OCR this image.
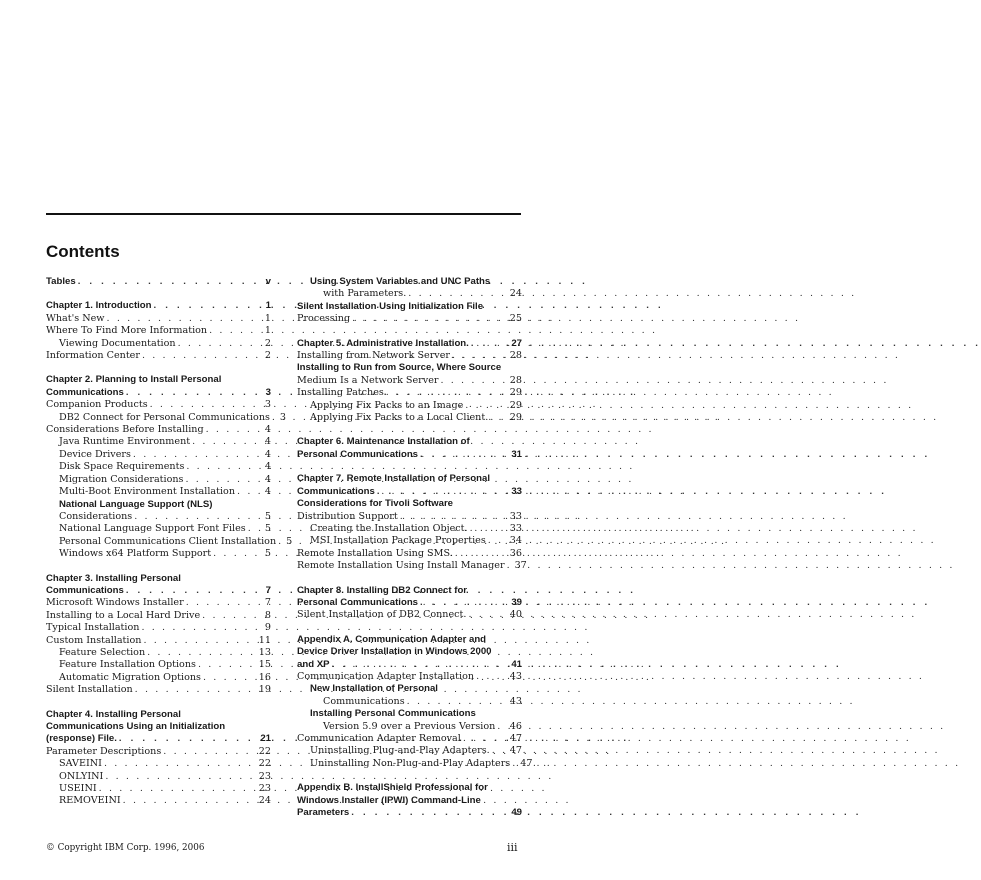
Contents
Tables . . .	v
Chapter 1. Introduction . . .	1
What's New . . .	1
Where To Find More Information . . .	1
Viewing Documentation . . .	2
Information Center . . .	2
Chapter 2. Planning to Install Personal
Communications . . .	3
Companion Products . . .	3
DB2 Connect for Personal Communications . . . 3
Considerations Before Installing . . .	4
Java Runtime Environment . . .	4
Device Drivers . . .	4
Disk Space Requirements . . .	4
Migration Considerations . . .	4
Multi-Boot Environment Installation . . .	4
National Language Support (NLS)
Considerations . . .	5
National Language Support Font Files . . . 5
Personal Communications Client Installation . . . 5
Windows x64 Platform Support . . .	5
Chapter 3. Installing Personal
Communications . . .	7
Microsoft Windows Installer . . .	7
Installing to a Local Hard Drive . . .	8
Typical Installation . . .	9
Custom Installation . . .	11
Feature Selection . . .	13
Feature Installation Options . . .	15
Automatic Migration Options . . .	16
Silent Installation . . .	19
Chapter 4. Installing Personal
Communications Using an Initialization
(response) File. . . .	21
Parameter Descriptions . . .	22
SAVEINI . . .	22
ONLYINI . . .	23
USEINI . . .	23
REMOVEINI . . .	24
Using System Variables and UNC Paths
with Parameters. . . .	24
Silent Installation Using Initialization File
Processing . . .	25
Chapter 5. Administrative Installation. . . .	27
Installing from Network Server . . .	28
Installing to Run from Source, Where Source
Medium Is a Network Server . . .	28
Installing Patches . . .	29
Applying Fix Packs to an Image . . .	29
Applying Fix Packs to a Local Client. . . . 29
Chapter 6. Maintenance Installation of
Personal Communications . . .	31
Chapter 7. Remote Installation of Personal
Communications . . .	33
Considerations for Tivoli Software
Distribution Support . . .	33
Creating the Installation Object. . . .	33
MSI Installation Package Properties . . .	34
Remote Installation Using SMS. . . .	36
Remote Installation Using Install Manager . . . 37
Chapter 8. Installing DB2 Connect for
Personal Communications . . .	39
Silent Installation of DB2 Connect. . . .	40
Appendix A. Communication Adapter and
Device Driver Installation in Windows 2000
and XP . . .	41
Communication Adapter Installation . . .	43
New Installation of Personal
Communications . . .	43
Installing Personal Communications
Version 5.9 over a Previous Version . . . 46
Communication Adapter Removal . . .	47
Uninstalling Plug-and-Play Adapters. . . . 47
Uninstalling Non-Plug-and-Play Adapters . . . 47
Appendix B. InstallShield Professional for
Windows Installer (IPWI) Command-Line
Parameters . . .	49
© Copyright IBM Corp. 1996, 2006	iii
